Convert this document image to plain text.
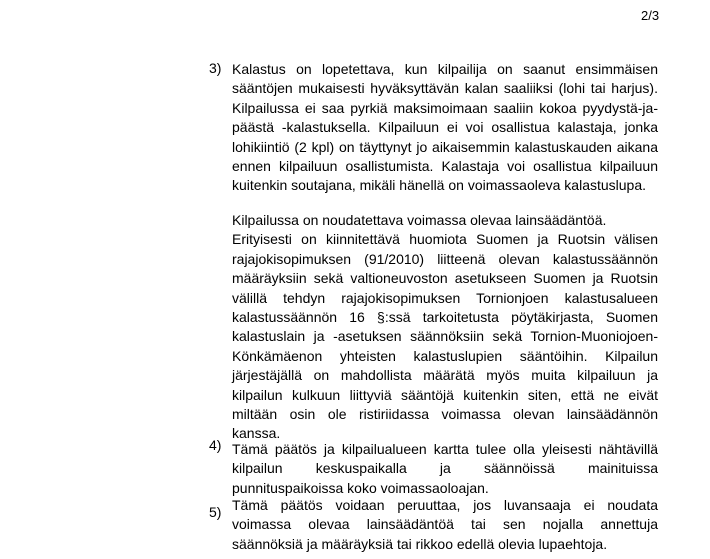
2/3
3) Kalastus on lopetettava, kun kilpailija on saanut ensimmäisen
sääntöjen mukaisesti hyväksyttävän kalan saaliiksi (lohi tai harjus).
Kilpailussa ei saa pyrkiä maksimoimaan saaliin kokoa pyydystä-ja-
päästä -kalastuksella. Kilpailuun ei voi osallistua kalastaja, jonka
lohikiintiö (2 kpl) on täyttynyt jo aikaisemmin kalastuskauden aikana
ennen kilpailuun osallistumista. Kalastaja voi osallistua kilpailuun
kuitenkin soutajana, mikäli hänellä on voimassaoleva kalastuslupa.
Kilpailussa on noudatettava voimassa olevaa lainsäädäntöä.
Erityisesti on kiinnitettävä huomiota Suomen ja Ruotsin välisen
rajajokisopimuksen (91/2010) liitteenä olevan kalastussäännön
määräyksiin sekä valtioneuvoston asetukseen Suomen ja Ruotsin
välillä tehdyn rajajokisopimuksen Tornionjoen kalastusalueen
kalastussäännön 16 §:ssä tarkoitetusta pöytäkirjasta, Suomen
kalastuslain ja -asetuksen säännöksiin sekä Tornion-Muoniojoen-
Könkämäenon yhteisten kalastuslupien sääntöihin. Kilpailun
järjestäjällä on mahdollista määrätä myös muita kilpailuun ja
kilpailun kulkuun liittyviä sääntöjä kuitenkin siten, että ne eivät
miltään osin ole ristiriidassa voimassa olevan lainsäädännön
kanssa.
4) Tämä päätös ja kilpailualueen kartta tulee olla yleisesti nähtävillä
kilpailun keskuspaikalla ja säännöissä mainituissa
punnituspaikoissa koko voimassaoloajan.
5) Tämä päätös voidaan peruuttaa, jos luvansaaja ei noudata
voimassa olevaa lainsäädäntöä tai sen nojalla annettuja
säännöksiä ja määräyksiä tai rikkoo edellä olevia lupaehtoja.
